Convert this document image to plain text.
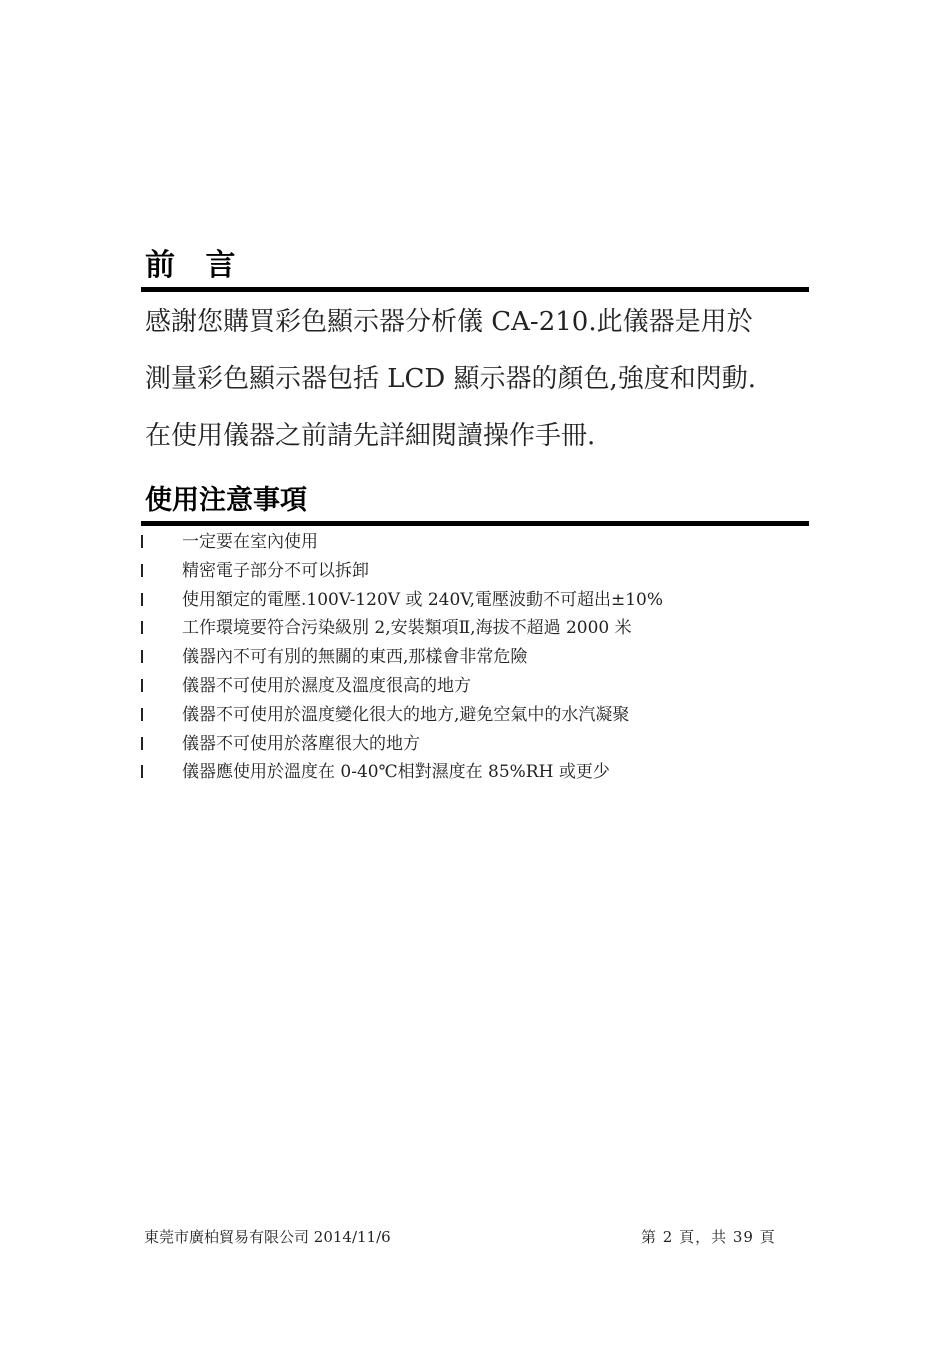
前 言
感謝您購買彩色顯示器分析儀 CA-210.此儀器是用於
測量彩色顯示器包括 LCD 顯示器的顏色,強度和閃動.
在使用儀器之前請先詳細閱讀操作手冊.
使用注意事項
一定要在室內使用
精密電子部分不可以拆卸
使用額定的電壓.100V-120V 或 240V,電壓波動不可超出±10%
工作環境要符合污染級別 2,安裝類項Ⅱ,海拔不超過 2000 米
儀器內不可有別的無關的東西,那樣會非常危險
儀器不可使用於濕度及溫度很高的地方
儀器不可使用於溫度變化很大的地方,避免空氣中的水汽凝聚
儀器不可使用於落塵很大的地方
儀器應使用於溫度在 0-40℃相對濕度在 85%RH 或更少
東莞市廣柏貿易有限公司 2014/11/6	第 2 頁，共 39 頁
